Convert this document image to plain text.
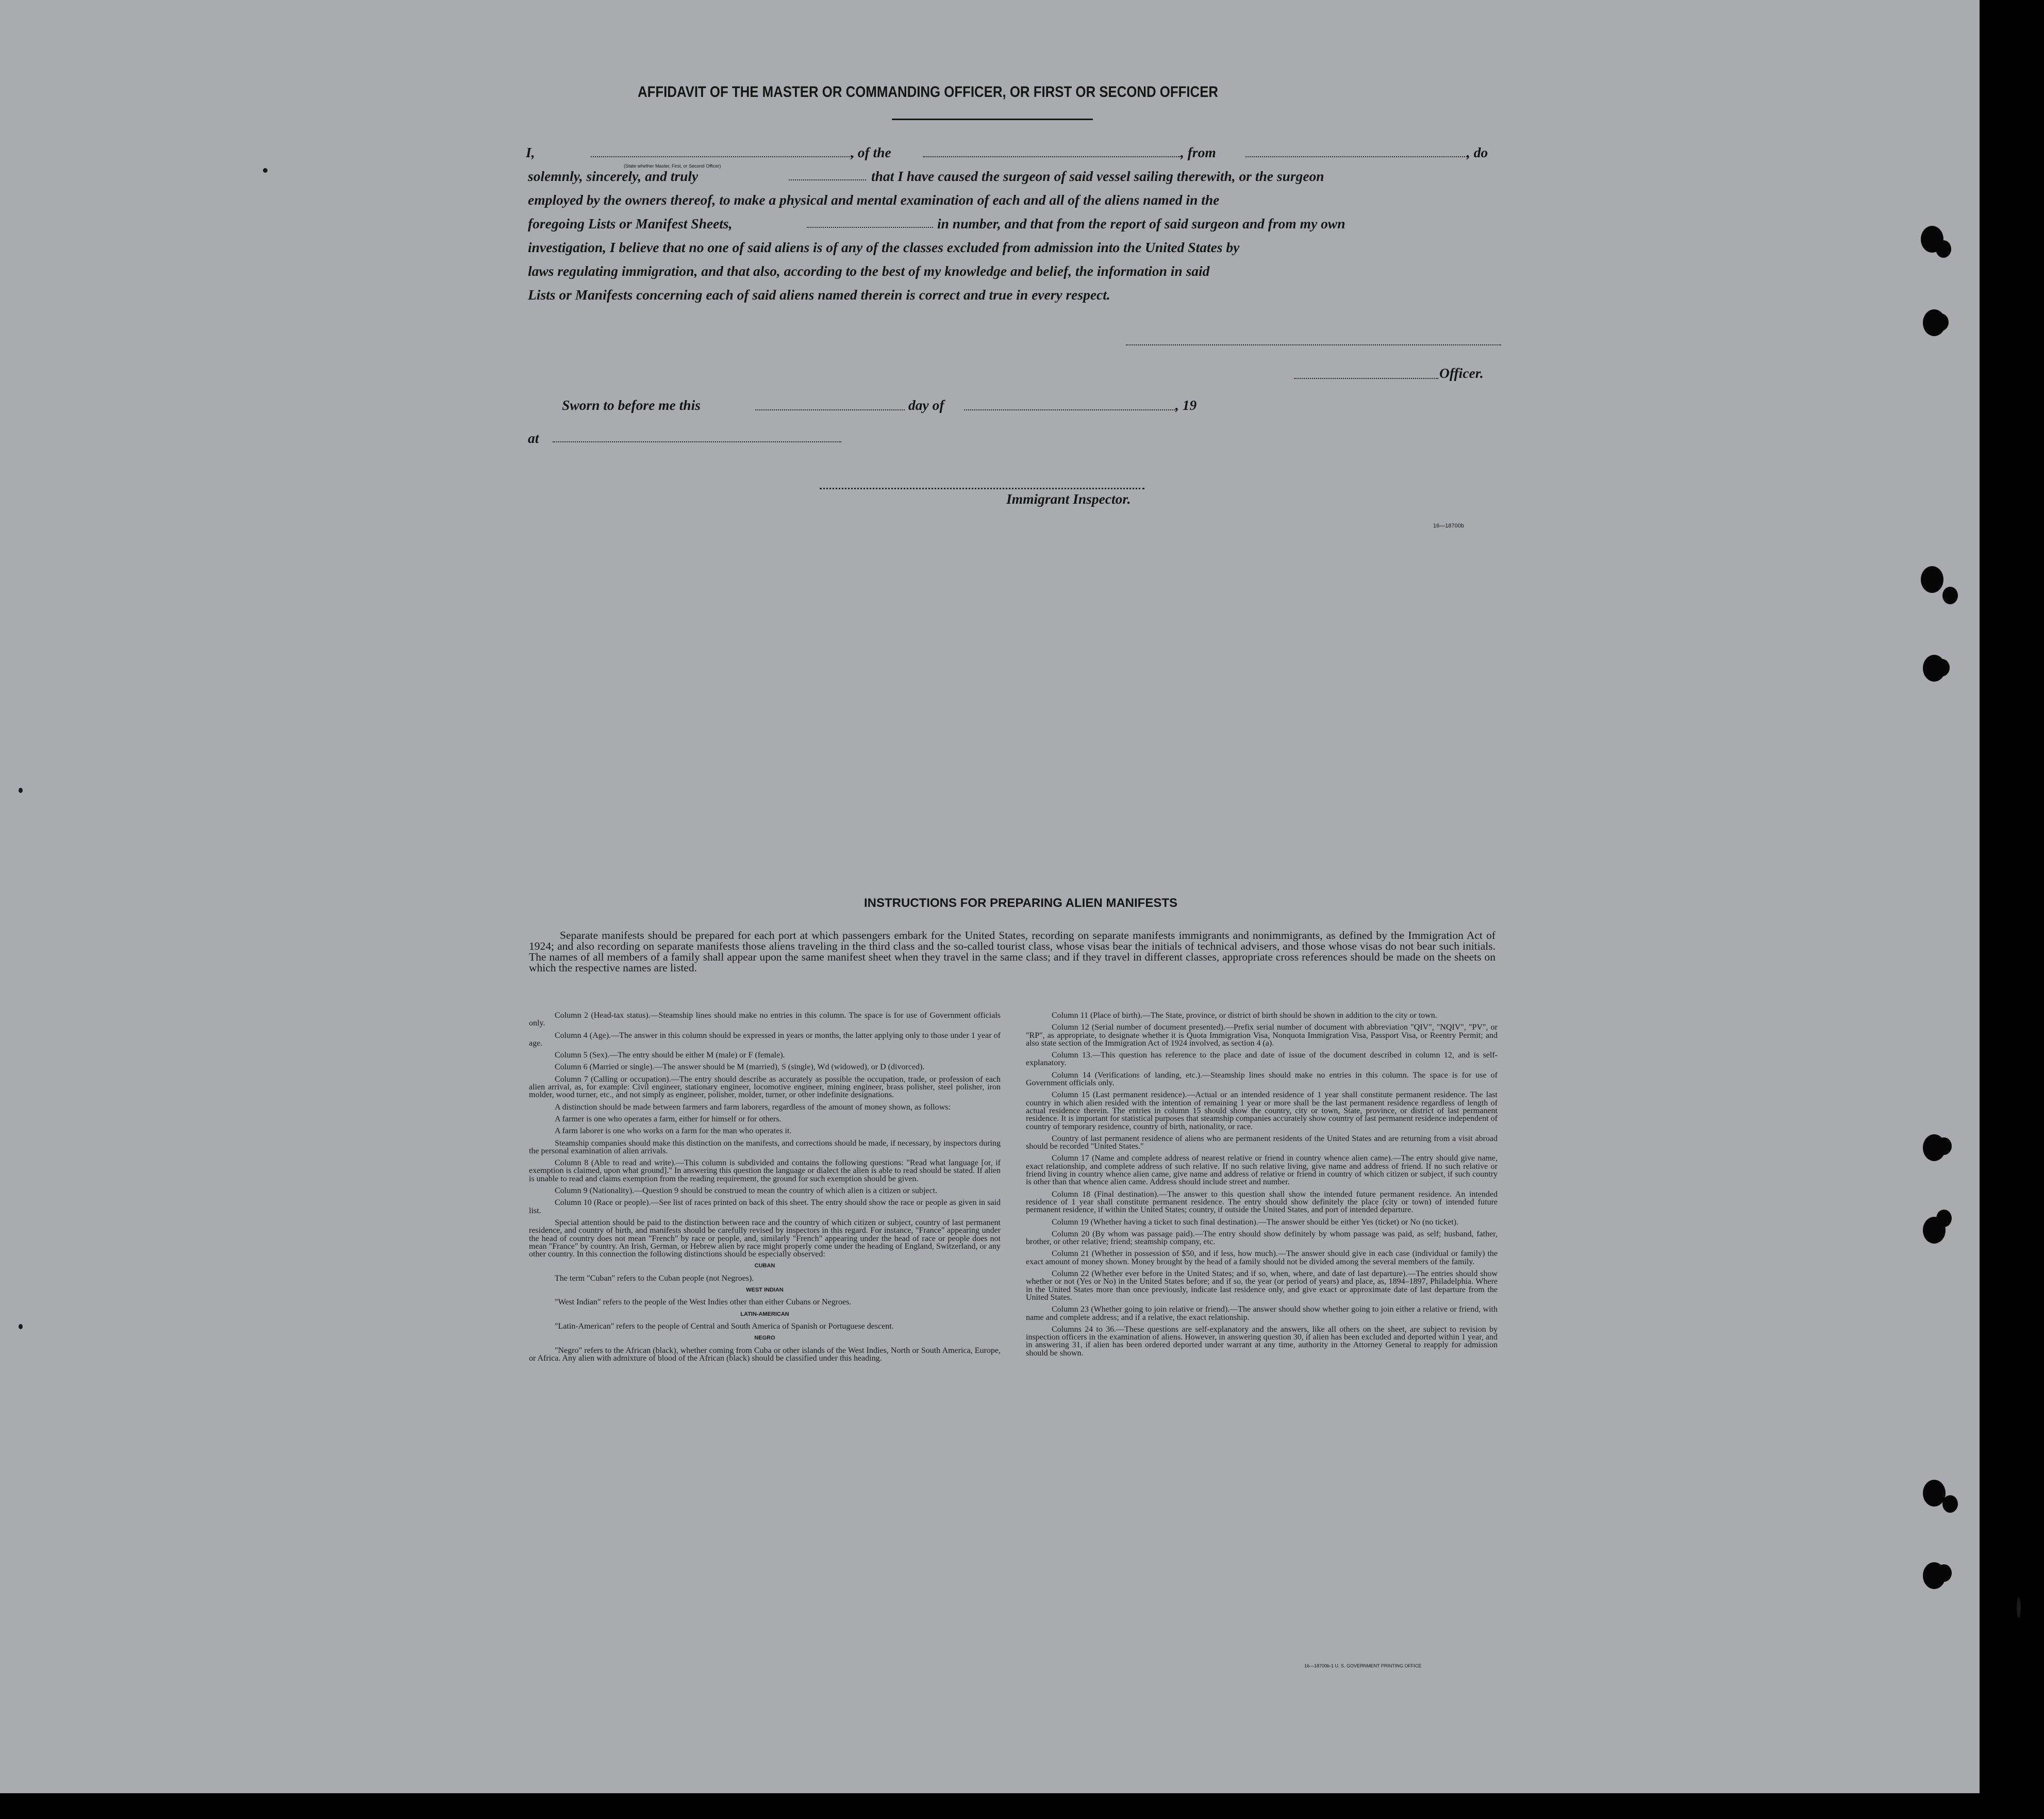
AFFIDAVIT OF THE MASTER OR COMMANDING OFFICER, OR FIRST OR SECOND OFFICER
I,
(State whether Master, First, or Second Officer)
, of the	, from	, do
solemnly, sincerely, and truly	that I have caused the surgeon of said vessel sailing therewith, or the surgeon
employed by the owners thereof, to make a physical and mental examination of each and all of the aliens named in the
foregoing Lists or Manifest Sheets,	in number, and that from the report of said surgeon and from my own
investigation, I believe that no one of said aliens is of any of the classes excluded from admission into the United States by
laws regulating immigration, and that also, according to the best of my knowledge and belief, the information in said
Lists or Manifests concerning each of said aliens named therein is correct and true in every respect.
Officer.
Sworn to before me this	day of	, 19
at
Immigrant Inspector.
16—18700b
INSTRUCTIONS FOR PREPARING ALIEN MANIFESTS
Separate manifests should be prepared for each port at which passengers embark for the United States, recording on separate manifests immigrants and nonimmigrants, as defined by the Immigration Act of 1924; and also recording on separate manifests those aliens traveling in the third class and the so-called tourist class, whose visas bear the initials of technical advisers, and those whose visas do not bear such initials. The names of all members of a family shall appear upon the same manifest sheet when they travel in the same class; and if they travel in different classes, appropriate cross references should be made on the sheets on which the respective names are listed.

Column 2 (Head-tax status).—Steamship lines should make no entries in this column. The space is for use of Government officials only.

Column 4 (Age).—The answer in this column should be expressed in years or months, the latter applying only to those under 1 year of age.

Column 5 (Sex).—The entry should be either M (male) or F (female).

Column 6 (Married or single).—The answer should be M (married), S (single), Wd (widowed), or D (divorced).

Column 7 (Calling or occupation).—The entry should describe as accurately as possible the occupation, trade, or profession of each alien arrival, as, for example: Civil engineer, stationary engineer, locomotive engineer, mining engineer, brass polisher, steel polisher, iron molder, wood turner, etc., and not simply as engineer, polisher, molder, turner, or other indefinite designations.

A distinction should be made between farmers and farm laborers, regardless of the amount of money shown, as follows:

A farmer is one who operates a farm, either for himself or for others.

A farm laborer is one who works on a farm for the man who operates it.

Steamship companies should make this distinction on the manifests, and corrections should be made, if necessary, by inspectors during the personal examination of alien arrivals.

Column 8 (Able to read and write).—This column is subdivided and contains the following questions: "Read what language [or, if exemption is claimed, upon what ground]." In answering this question the language or dialect the alien is able to read should be stated. If alien is unable to read and claims exemption from the reading requirement, the ground for such exemption should be given.

Column 9 (Nationality).—Question 9 should be construed to mean the country of which alien is a citizen or subject.

Column 10 (Race or people).—See list of races printed on back of this sheet. The entry should show the race or people as given in said list.

Special attention should be paid to the distinction between race and the country of which citizen or subject, country of last permanent residence, and country of birth, and manifests should be carefully revised by inspectors in this regard. For instance, "France" appearing under the head of country does not mean "French" by race or people, and, similarly "French" appearing under the head of race or people does not mean "France" by country. An Irish, German, or Hebrew alien by race might properly come under the heading of England, Switzerland, or any other country. In this connection the following distinctions should be especially observed:

CUBAN

The term "Cuban" refers to the Cuban people (not Negroes).

WEST INDIAN

"West Indian" refers to the people of the West Indies other than either Cubans or Negroes.

LATIN-AMERICAN

"Latin-American" refers to the people of Central and South America of Spanish or Portuguese descent.

NEGRO

"Negro" refers to the African (black), whether coming from Cuba or other islands of the West Indies, North or South America, Europe, or Africa. Any alien with admixture of blood of the African (black) should be classified under this heading.

Column 11 (Place of birth).—The State, province, or district of birth should be shown in addition to the city or town.

Column 12 (Serial number of document presented).—Prefix serial number of document with abbreviation "QIV", "NQIV", "PV", or "RP", as appropriate, to designate whether it is Quota Immigration Visa, Nonquota Immigration Visa, Passport Visa, or Reentry Permit; and also state section of the Immigration Act of 1924 involved, as section 4 (a).

Column 13.—This question has reference to the place and date of issue of the document described in column 12, and is self-explanatory.

Column 14 (Verifications of landing, etc.).—Steamship lines should make no entries in this column. The space is for use of Government officials only.

Column 15 (Last permanent residence).—Actual or an intended residence of 1 year shall constitute permanent residence. The last country in which alien resided with the intention of remaining 1 year or more shall be the last permanent residence regardless of length of actual residence therein. The entries in column 15 should show the country, city or town, State, province, or district of last permanent residence. It is important for statistical purposes that steamship companies accurately show country of last permanent residence independent of country of temporary residence, country of birth, nationality, or race.

Country of last permanent residence of aliens who are permanent residents of the United States and are returning from a visit abroad should be recorded "United States."

Column 17 (Name and complete address of nearest relative or friend in country whence alien came).—The entry should give name, exact relationship, and complete address of such relative. If no such relative living, give name and address of friend. If no such relative or friend living in country whence alien came, give name and address of relative or friend in country of which citizen or subject, if such country is other than that whence alien came. Address should include street and number.

Column 18 (Final destination).—The answer to this question shall show the intended future permanent residence. An intended residence of 1 year shall constitute permanent residence. The entry should show definitely the place (city or town) of intended future permanent residence, if within the United States; country, if outside the United States, and port of intended departure.

Column 19 (Whether having a ticket to such final destination).—The answer should be either Yes (ticket) or No (no ticket).

Column 20 (By whom was passage paid).—The entry should show definitely by whom passage was paid, as self; husband, father, brother, or other relative; friend; steamship company, etc.

Column 21 (Whether in possession of $50, and if less, how much).—The answer should give in each case (individual or family) the exact amount of money shown. Money brought by the head of a family should not be divided among the several members of the family.

Column 22 (Whether ever before in the United States; and if so, when, where, and date of last departure).—The entries should show whether or not (Yes or No) in the United States before; and if so, the year (or period of years) and place, as, 1894–1897, Philadelphia. Where in the United States more than once previously, indicate last residence only, and give exact or approximate date of last departure from the United States.

Column 23 (Whether going to join relative or friend).—The answer should show whether going to join either a relative or friend, with name and complete address; and if a relative, the exact relationship.

Columns 24 to 36.—These questions are self-explanatory and the answers, like all others on the sheet, are subject to revision by inspection officers in the examination of aliens. However, in answering question 30, if alien has been excluded and deported within 1 year, and in answering 31, if alien has been ordered deported under warrant at any time, authority in the Attorney General to reapply for admission should be shown.

16—18700b-1 U. S. GOVERNMENT PRINTING OFFICE
